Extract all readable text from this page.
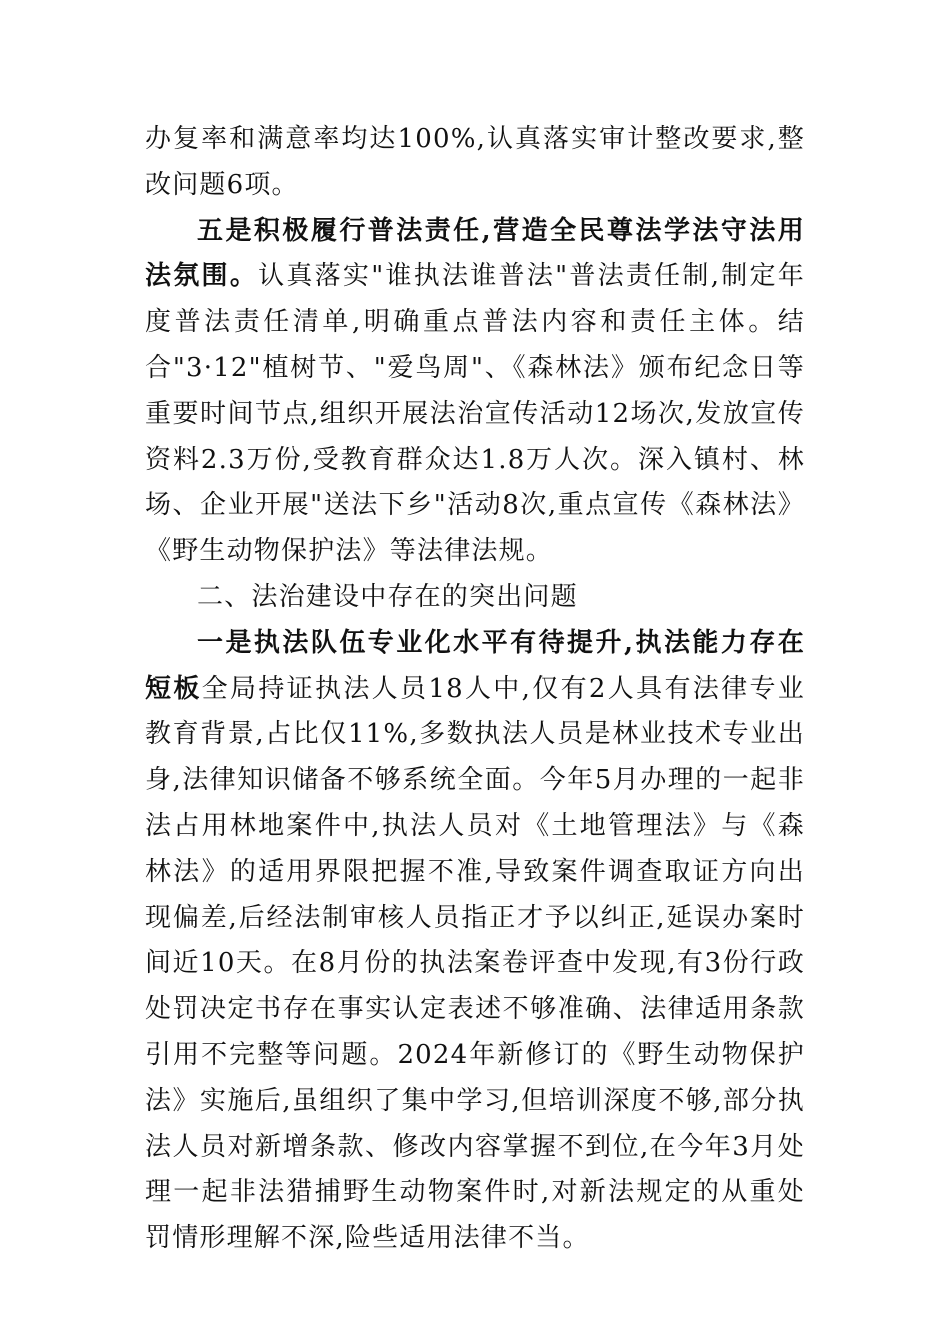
办复率和满意率均达100%,认真落实审计整改要求,整改问题6项。

五是积极履行普法责任,营造全民尊法学法守法用法氛围。认真落实"谁执法谁普法"普法责任制,制定年度普法责任清单,明确重点普法内容和责任主体。结合"3·12"植树节、"爱鸟周"、《森林法》颁布纪念日等重要时间节点,组织开展法治宣传活动12场次,发放宣传资料2.3万份,受教育群众达1.8万人次。深入镇村、林场、企业开展"送法下乡"活动8次,重点宣传《森林法》《野生动物保护法》等法律法规。

二、法治建设中存在的突出问题

一是执法队伍专业化水平有待提升,执法能力存在短板全局持证执法人员18人中,仅有2人具有法律专业教育背景,占比仅11%,多数执法人员是林业技术专业出身,法律知识储备不够系统全面。今年5月办理的一起非法占用林地案件中,执法人员对《土地管理法》与《森林法》的适用界限把握不准,导致案件调查取证方向出现偏差,后经法制审核人员指正才予以纠正,延误办案时间近10天。在8月份的执法案卷评查中发现,有3份行政处罚决定书存在事实认定表述不够准确、法律适用条款引用不完整等问题。2024年新修订的《野生动物保护法》实施后,虽组织了集中学习,但培训深度不够,部分执法人员对新增条款、修改内容掌握不到位,在今年3月处理一起非法猎捕野生动物案件时,对新法规定的从重处罚情形理解不深,险些适用法律不当。
